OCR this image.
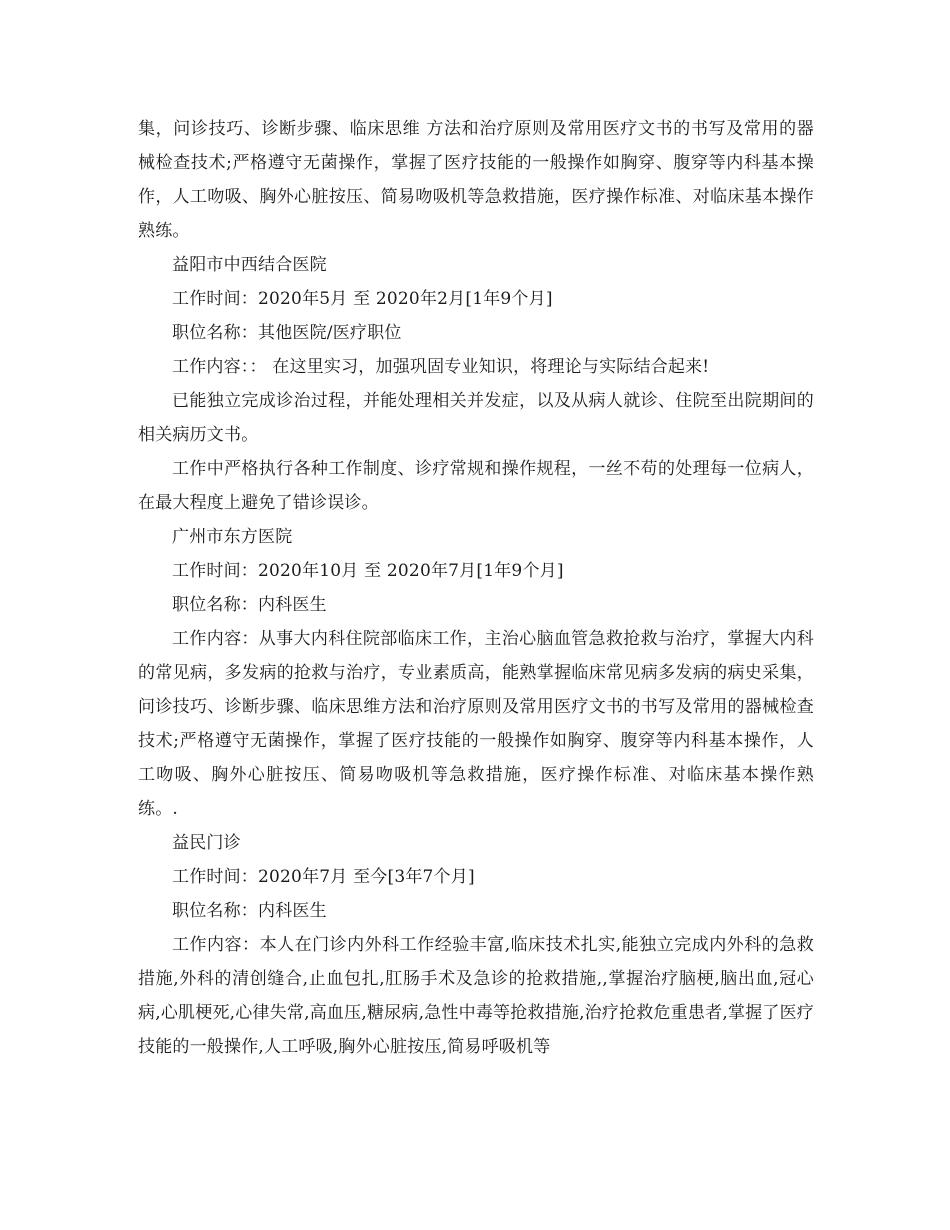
集，问诊技巧、诊断步骤、临床思维 方法和治疗原则及常用医疗文书的书写及常用的器械检查技术;严格遵守无菌操作，掌握了医疗技能的一般操作如胸穿、腹穿等内科基本操作，人工吻吸、胸外心脏按压、简易吻吸机等急救措施，医疗操作标准、对临床基本操作熟练。

益阳市中西结合医院

工作时间：2020年5月 至 2020年2月[1年9个月]

职位名称：其他医院/医疗职位

工作内容：： 在这里实习，加强巩固专业知识，将理论与实际结合起来!

已能独立完成诊治过程，并能处理相关并发症，以及从病人就诊、住院至出院期间的相关病历文书。

工作中严格执行各种工作制度、诊疗常规和操作规程，一丝不苟的处理每一位病人，在最大程度上避免了错诊误诊。

广州市东方医院

工作时间：2020年10月 至 2020年7月[1年9个月]

职位名称：内科医生

工作内容：从事大内科住院部临床工作，主治心脑血管急救抢救与治疗，掌握大内科的常见病，多发病的抢救与治疗，专业素质高，能熟掌握临床常见病多发病的病史采集，问诊技巧、诊断步骤、临床思维方法和治疗原则及常用医疗文书的书写及常用的器械检查技术;严格遵守无菌操作，掌握了医疗技能的一般操作如胸穿、腹穿等内科基本操作，人工吻吸、胸外心脏按压、简易吻吸机等急救措施，医疗操作标准、对临床基本操作熟练。.

益民门诊

工作时间：2020年7月 至今[3年7个月]

职位名称：内科医生

工作内容：本人在门诊内外科工作经验丰富,临床技术扎实,能独立完成内外科的急救措施,外科的清创缝合,止血包扎,肛肠手术及急诊的抢救措施,,掌握治疗脑梗,脑出血,冠心病,心肌梗死,心律失常,高血压,糖尿病,急性中毒等抢救措施,治疗抢救危重患者,掌握了医疗技能的一般操作,人工呼吸,胸外心脏按压,简易呼吸机等
